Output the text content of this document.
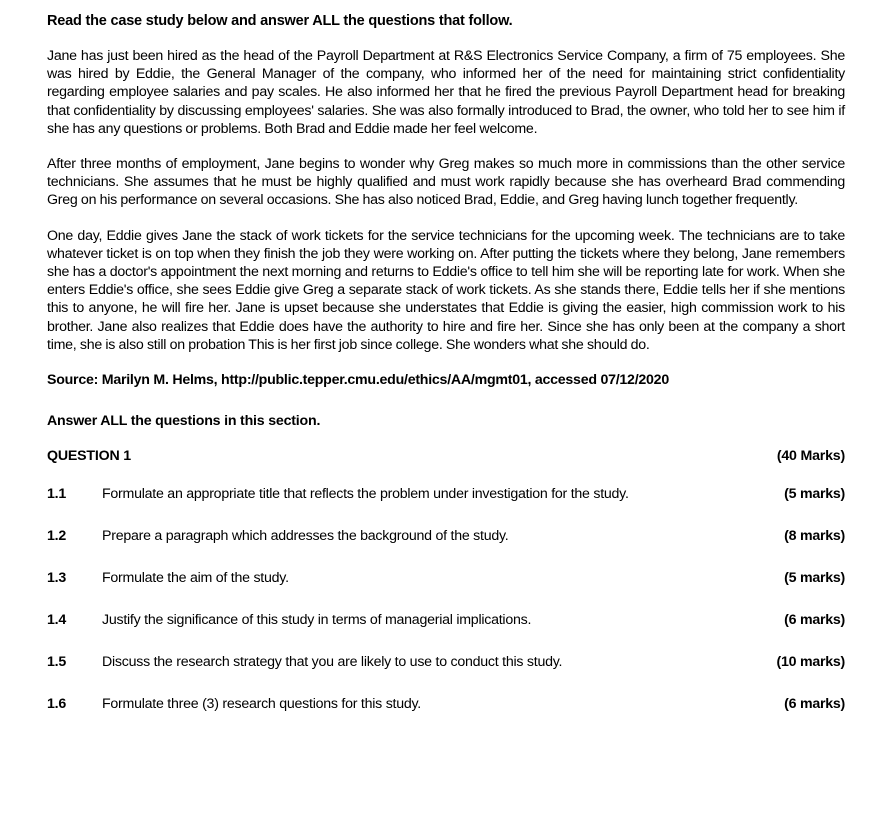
Read the case study below and answer ALL the questions that follow.

Jane has just been hired as the head of the Payroll Department at R&S Electronics Service Company, a firm of 75 employees. She was hired by Eddie, the General Manager of the company, who informed her of the need for maintaining strict confidentiality regarding employee salaries and pay scales. He also informed her that he fired the previous Payroll Department head for breaking that confidentiality by discussing employees' salaries. She was also formally introduced to Brad, the owner, who told her to see him if she has any questions or problems. Both Brad and Eddie made her feel welcome.

After three months of employment, Jane begins to wonder why Greg makes so much more in commissions than the other service technicians. She assumes that he must be highly qualified and must work rapidly because she has overheard Brad commending Greg on his performance on several occasions. She has also noticed Brad, Eddie, and Greg having lunch together frequently.

One day, Eddie gives Jane the stack of work tickets for the service technicians for the upcoming week. The technicians are to take whatever ticket is on top when they finish the job they were working on. After putting the tickets where they belong, Jane remembers she has a doctor's appointment the next morning and returns to Eddie's office to tell him she will be reporting late for work. When she enters Eddie's office, she sees Eddie give Greg a separate stack of work tickets. As she stands there, Eddie tells her if she mentions this to anyone, he will fire her. Jane is upset because she understates that Eddie is giving the easier, high commission work to his brother. Jane also realizes that Eddie does have the authority to hire and fire her. Since she has only been at the company a short time, she is also still on probation This is her first job since college. She wonders what she should do.

Source: Marilyn M. Helms, http://public.tepper.cmu.edu/ethics/AA/mgmt01, accessed 07/12/2020
Answer ALL the questions in this section.
QUESTION 1	(40 Marks)
1.1	Formulate an appropriate title that reflects the problem under investigation for the study.	(5 marks)
1.2	Prepare a paragraph which addresses the background of the study.	(8 marks)
1.3	Formulate the aim of the study.	(5 marks)
1.4	Justify the significance of this study in terms of managerial implications.	(6 marks)
1.5	Discuss the research strategy that you are likely to use to conduct this study.	(10 marks)
1.6	Formulate three (3) research questions for this study.	(6 marks)
